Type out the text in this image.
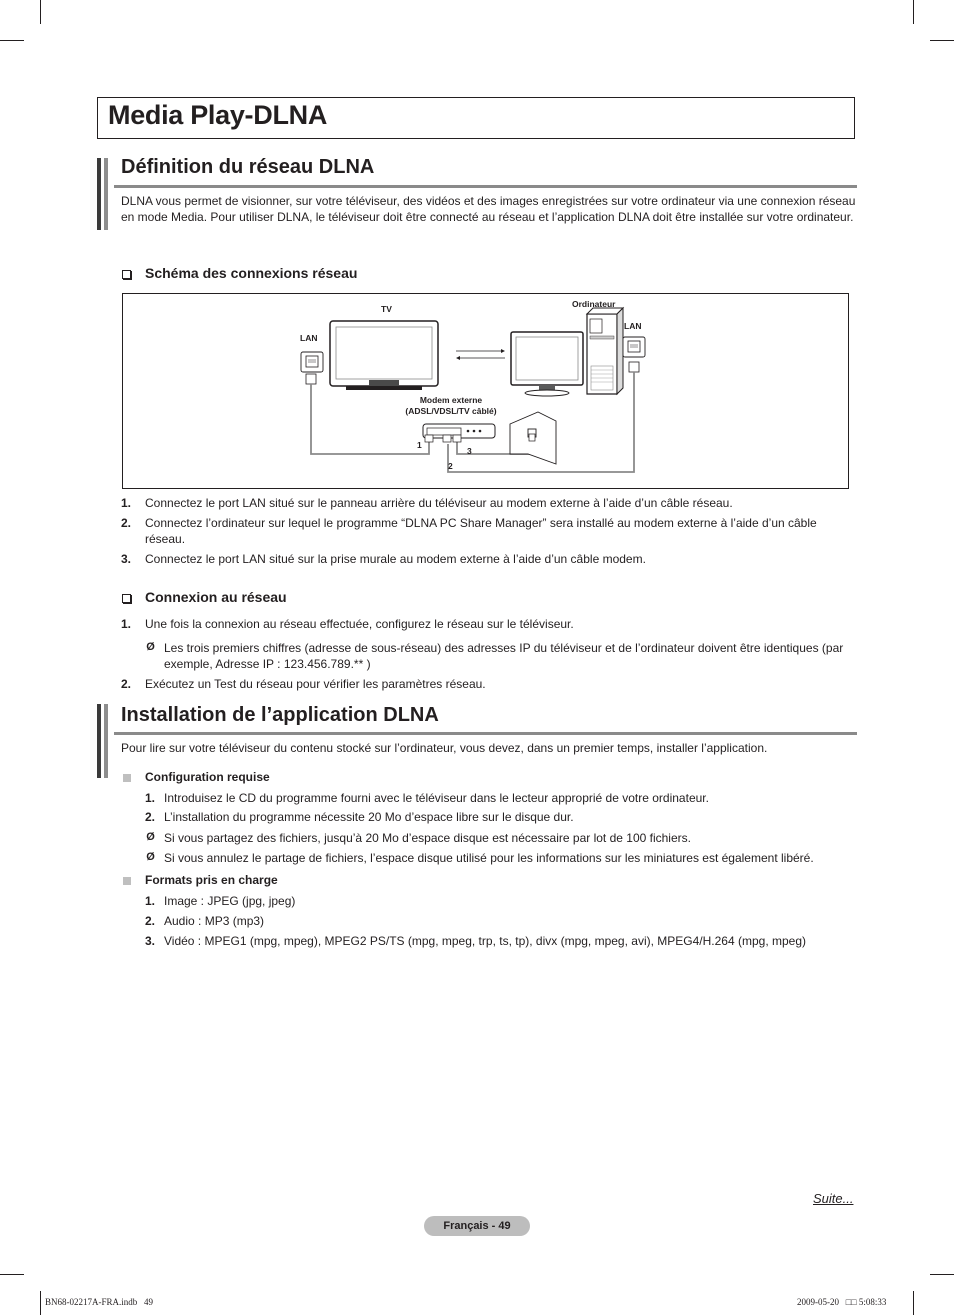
Media Play-DLNA
Définition du réseau DLNA
DLNA vous permet de visionner, sur votre téléviseur, des vidéos et des images enregistrées sur votre ordinateur via une connexion réseau en mode Media. Pour utiliser DLNA, le téléviseur doit être connecté au réseau et l’application DLNA doit être installée sur votre ordinateur.
Schéma des connexions réseau
TV	Ordinateur
LAN
LAN
Modem externe
(ADSL/VDSL/TV câblé)
1
2
3
1. Connectez le port LAN situé sur le panneau arrière du téléviseur au modem externe à l’aide d’un câble réseau.
2. Connectez l’ordinateur sur lequel le programme “DLNA PC Share Manager” sera installé au modem externe à l’aide d’un câble réseau.
3. Connectez le port LAN situé sur la prise murale au modem externe à l’aide d’un câble modem.
Connexion au réseau
1. Une fois la connexion au réseau effectuée, configurez le réseau sur le téléviseur.
Ø Les trois premiers chiffres (adresse de sous-réseau) des adresses IP du téléviseur et de l’ordinateur doivent être identiques (par exemple, Adresse IP : 123.456.789.** )
2. Exécutez un Test du réseau pour vérifier les paramètres réseau.
Installation de l’application DLNA
Pour lire sur votre téléviseur du contenu stocké sur l’ordinateur, vous devez, dans un premier temps, installer l’application.
Configuration requise
1. Introduisez le CD du programme fourni avec le téléviseur dans le lecteur approprié de votre ordinateur.
2. L’installation du programme nécessite 20 Mo d’espace libre sur le disque dur.
Ø Si vous partagez des fichiers, jusqu’à 20 Mo d’espace disque est nécessaire par lot de 100 fichiers.
Ø Si vous annulez le partage de fichiers, l’espace disque utilisé pour les informations sur les miniatures est également libéré.
Formats pris en charge
1. Image : JPEG (jpg, jpeg)
2. Audio : MP3 (mp3)
3. Vidéo : MPEG1 (mpg, mpeg), MPEG2 PS/TS (mpg, mpeg, trp, ts, tp), divx (mpg, mpeg, avi), MPEG4/H.264 (mpg, mpeg)
Suite...
Français - 49
BN68-02217A-FRA.indb   49	2009-05-20   □□ 5:08:33
